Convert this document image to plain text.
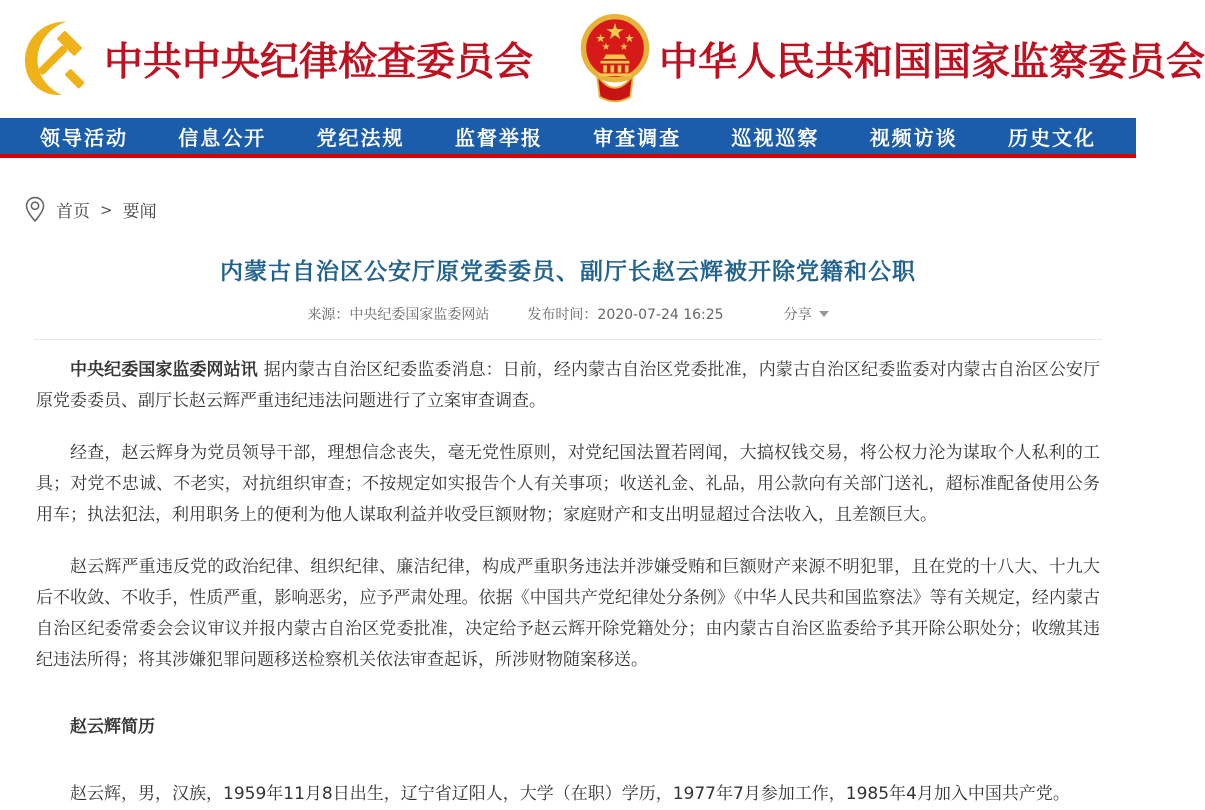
中共中央纪律检查委员会	中华人民共和国国家监察委员会
领导活动	信息公开	党纪法规	监督举报	审查调查	巡视巡察	视频访谈	历史文化
首页 > 要闻
内蒙古自治区公安厅原党委委员、副厅长赵云辉被开除党籍和公职
来源：中央纪委国家监委网站	发布时间：2020-07-24 16:25	分享

中央纪委国家监委网站讯 据内蒙古自治区纪委监委消息：日前，经内蒙古自治区党委批准，内蒙古自治区纪委监委对内蒙古自治区公安厅原党委委员、副厅长赵云辉严重违纪违法问题进行了立案审查调查。

经查，赵云辉身为党员领导干部，理想信念丧失，毫无党性原则，对党纪国法置若罔闻，大搞权钱交易，将公权力沦为谋取个人私利的工具；对党不忠诚、不老实，对抗组织审查；不按规定如实报告个人有关事项；收送礼金、礼品，用公款向有关部门送礼，超标准配备使用公务用车；执法犯法，利用职务上的便利为他人谋取利益并收受巨额财物；家庭财产和支出明显超过合法收入，且差额巨大。

赵云辉严重违反党的政治纪律、组织纪律、廉洁纪律，构成严重职务违法并涉嫌受贿和巨额财产来源不明犯罪，且在党的十八大、十九大后不收敛、不收手，性质严重，影响恶劣，应予严肃处理。依据《中国共产党纪律处分条例》《中华人民共和国监察法》等有关规定，经内蒙古自治区纪委常委会会议审议并报内蒙古自治区党委批准，决定给予赵云辉开除党籍处分；由内蒙古自治区监委给予其开除公职处分；收缴其违纪违法所得；将其涉嫌犯罪问题移送检察机关依法审查起诉，所涉财物随案移送。

赵云辉简历

赵云辉，男，汉族，1959年11月8日出生，辽宁省辽阳人，大学（在职）学历，1977年7月参加工作，1985年4月加入中国共产党。
